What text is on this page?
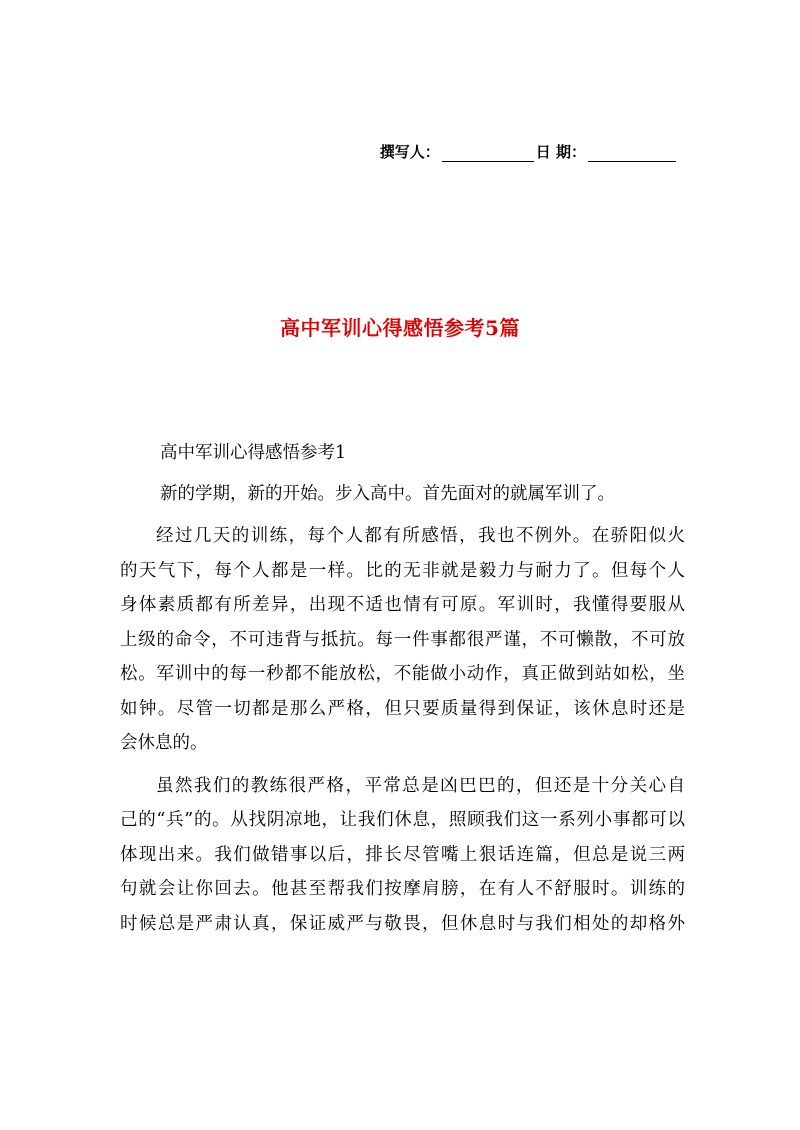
撰写人：	日 期：
高中军训心得感悟参考5篇

高中军训心得感悟参考1

新的学期，新的开始。步入高中。首先面对的就属军训了。

经过几天的训练，每个人都有所感悟，我也不例外。在骄阳似火
的天气下，每个人都是一样。比的无非就是毅力与耐力了。但每个人
身体素质都有所差异，出现不适也情有可原。军训时，我懂得要服从
上级的命令，不可违背与抵抗。每一件事都很严谨，不可懒散，不可放
松。军训中的每一秒都不能放松，不能做小动作，真正做到站如松，坐
如钟。尽管一切都是那么严格，但只要质量得到保证，该休息时还是
会休息的。
虽然我们的教练很严格，平常总是凶巴巴的，但还是十分关心自
己的“兵”的。从找阴凉地，让我们休息，照顾我们这一系列小事都可以
体现出来。我们做错事以后，排长尽管嘴上狠话连篇，但总是说三两
句就会让你回去。他甚至帮我们按摩肩膀，在有人不舒服时。训练的
时候总是严肃认真，保证威严与敬畏，但休息时与我们相处的却格外
